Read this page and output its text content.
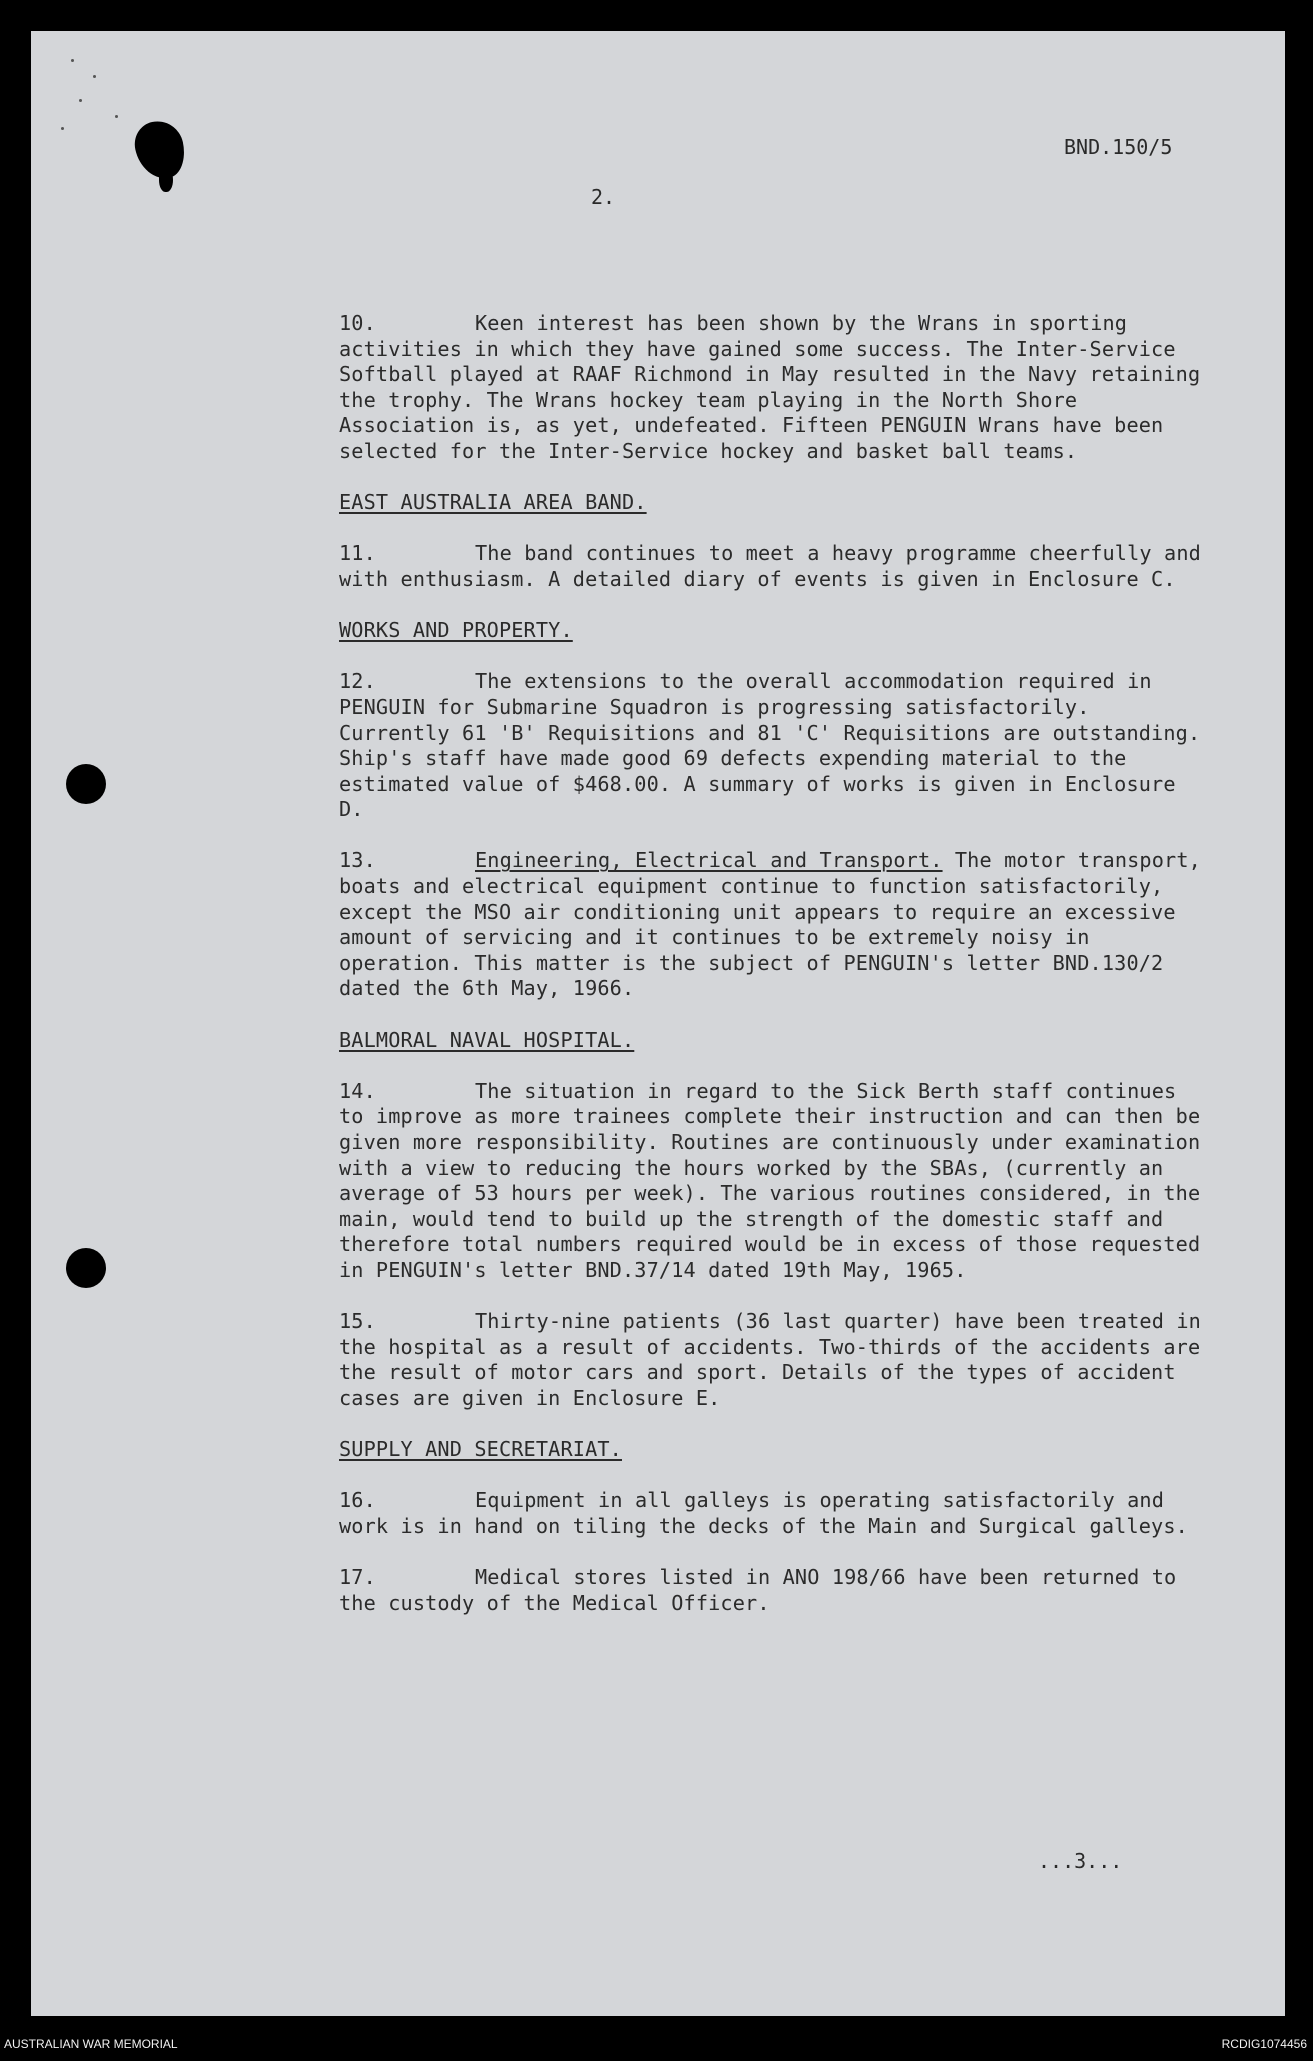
BND.150/5
2.

10.	Keen interest has been shown by the Wrans in sporting activities in which they have gained some success. The Inter-Service Softball played at RAAF Richmond in May resulted in the Navy retaining the trophy. The Wrans hockey team playing in the North Shore Association is, as yet, undefeated. Fifteen PENGUIN Wrans have been selected for the Inter-Service hockey and basket ball teams.

EAST AUSTRALIA AREA BAND.

11.	The band continues to meet a heavy programme cheerfully and with enthusiasm. A detailed diary of events is given in Enclosure C.

WORKS AND PROPERTY.

12.	The extensions to the overall accommodation required in PENGUIN for Submarine Squadron is progressing satisfactorily. Currently 61 'B' Requisitions and 81 'C' Requisitions are outstanding. Ship's staff have made good 69 defects expending material to the estimated value of $468.00. A summary of works is given in Enclosure D.

13.	Engineering, Electrical and Transport. The motor transport, boats and electrical equipment continue to function satisfactorily, except the MSO air conditioning unit appears to require an excessive amount of servicing and it continues to be extremely noisy in operation. This matter is the subject of PENGUIN's letter BND.130/2 dated the 6th May, 1966.

BALMORAL NAVAL HOSPITAL.

14.	The situation in regard to the Sick Berth staff continues to improve as more trainees complete their instruction and can then be given more responsibility. Routines are continuously under examination with a view to reducing the hours worked by the SBAs, (currently an average of 53 hours per week). The various routines considered, in the main, would tend to build up the strength of the domestic staff and therefore total numbers required would be in excess of those requested in PENGUIN's letter BND.37/14 dated 19th May, 1965.

15.	Thirty-nine patients (36 last quarter) have been treated in the hospital as a result of accidents. Two-thirds of the accidents are the result of motor cars and sport. Details of the types of accident cases are given in Enclosure E.

SUPPLY AND SECRETARIAT.

16.	Equipment in all galleys is operating satisfactorily and work is in hand on tiling the decks of the Main and Surgical galleys.

17.	Medical stores listed in ANO 198/66 have been returned to the custody of the Medical Officer.

...3...
AUSTRALIAN WAR MEMORIAL	RCDIG1074456
